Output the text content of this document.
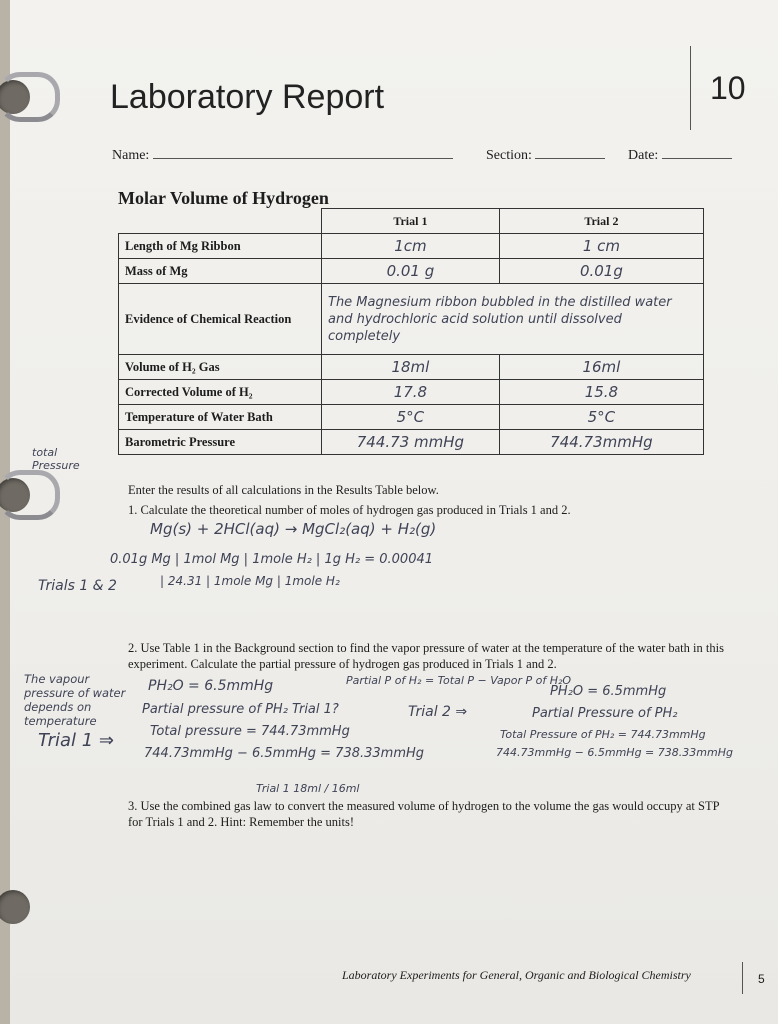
Laboratory Report	10
Name:	Section:	Date:
Molar Volume of Hydrogen
	Trial 1	Trial 2
Length of Mg Ribbon	1cm	1 cm
Mass of Mg	0.01 g	0.01g
Evidence of Chemical Reaction	The Magnesium ribbon bubbled in the distilled water and hydrochloric acid solution until dissolved completely	
Volume of H₂ Gas	18ml	16ml
Corrected Volume of H₂	17.8	15.8
Temperature of Water Bath	5°C	5°C
Barometric Pressure	744.73 mmHg	744.73mmHg
total Pressure
Enter the results of all calculations in the Results Table below.
1. Calculate the theoretical number of moles of hydrogen gas produced in Trials 1 and 2.
Mg(s) + 2HCl(aq) → MgCl₂(aq) + H₂(g)
0.01g Mg | 1mol Mg | 1mole H₂ | 1g H₂ = 0.00041
| 24.31 | 1mole Mg | 1mole H₂
Trials 1 & 2
2. Use Table 1 in the Background section to find the vapor pressure of water at the temperature of the water bath in this experiment. Calculate the partial pressure of hydrogen gas produced in Trials 1 and 2.
Partial P of H₂ = Total P − Vapor P of H₂O
The vapour pressure of water depends on temperature
PH₂O = 6.5mmHg
Partial pressure of PH₂ Trial 1?
Trial 1 ⇒	Total pressure = 744.73mmHg
744.73mmHg − 6.5mmHg = 738.33mmHg
Trial 2 ⇒
PH₂O = 6.5mmHg
Partial Pressure of PH₂
Total Pressure of PH₂ = 744.73mmHg
744.73mmHg − 6.5mmHg = 738.33mmHg
Trial 1 18ml / 16ml
3. Use the combined gas law to convert the measured volume of hydrogen to the volume the gas would occupy at STP for Trials 1 and 2. Hint: Remember the units!
Laboratory Experiments for General, Organic and Biological Chemistry	5
